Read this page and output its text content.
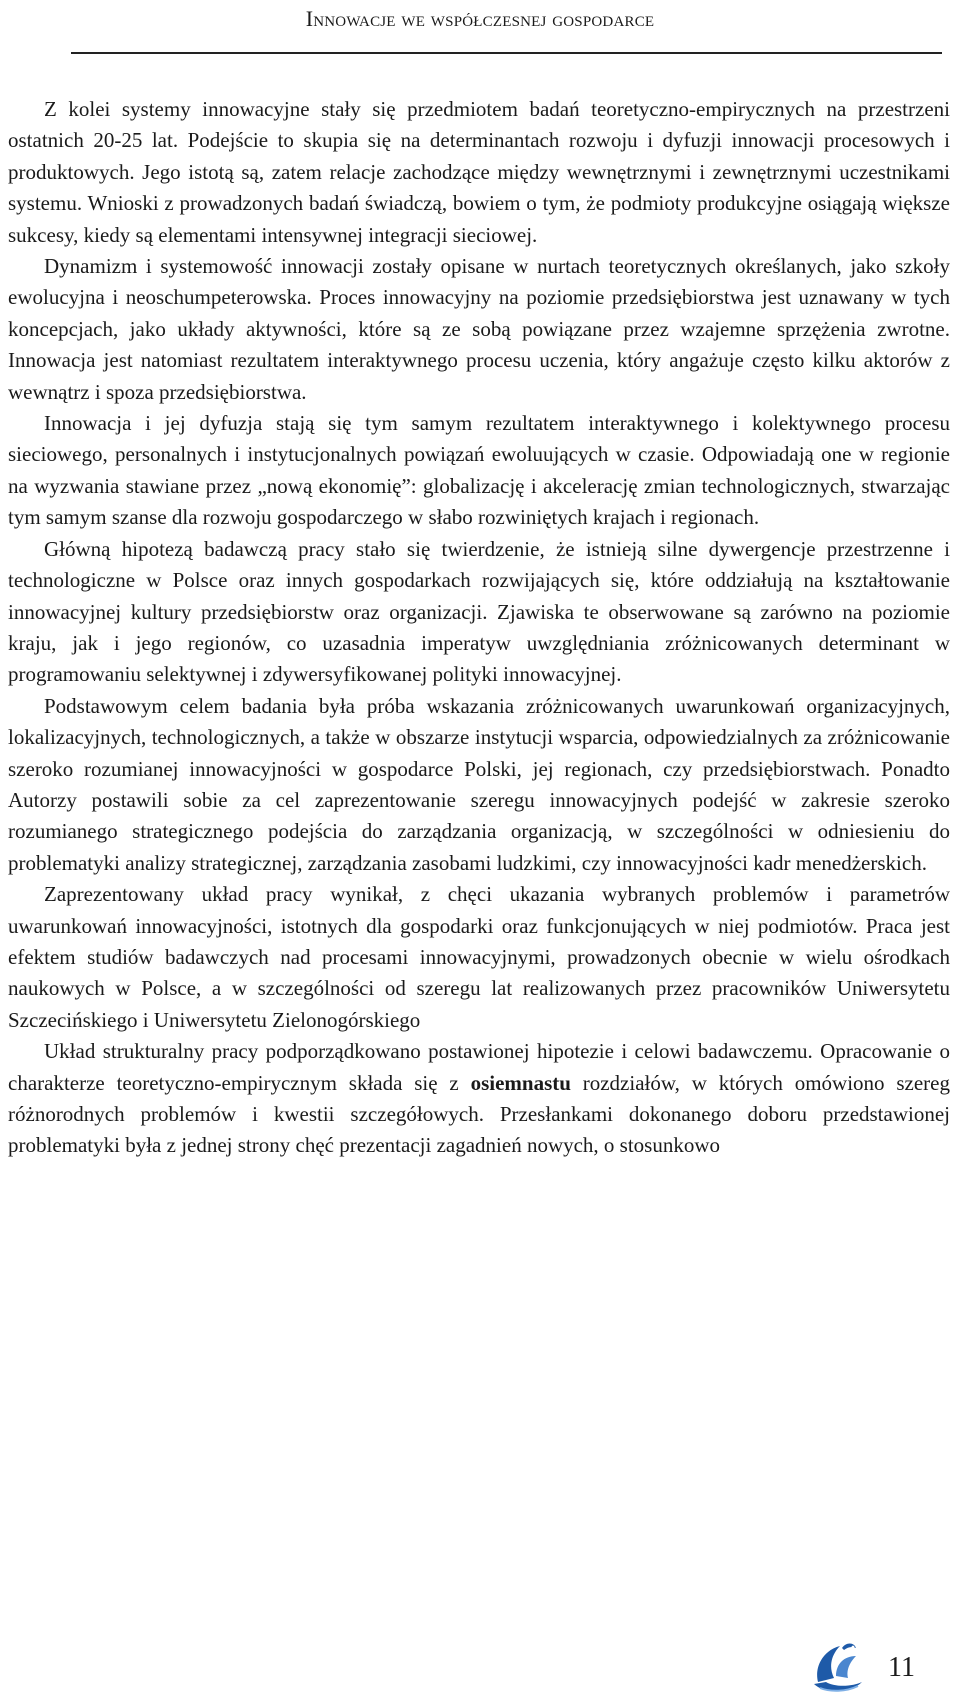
Innowacje we współczesnej gospodarce

Z kolei systemy innowacyjne stały się przedmiotem badań teoretyczno-empirycznych na przestrzeni ostatnich 20-25 lat. Podejście to skupia się na determinantach rozwoju i dyfuzji innowacji procesowych i produktowych. Jego istotą są, zatem relacje zachodzące między wewnętrznymi i zewnętrznymi uczestnikami systemu. Wnioski z prowadzonych badań świadczą, bowiem o tym, że podmioty produkcyjne osiągają większe sukcesy, kiedy są elementami intensywnej integracji sieciowej.

Dynamizm i systemowość innowacji zostały opisane w nurtach teoretycznych określanych, jako szkoły ewolucyjna i neoschumpeterowska. Proces innowacyjny na poziomie przedsiębiorstwa jest uznawany w tych koncepcjach, jako układy aktywności, które są ze sobą powiązane przez wzajemne sprzężenia zwrotne. Innowacja jest natomiast rezultatem interaktywnego procesu uczenia, który angażuje często kilku aktorów z wewnątrz i spoza przedsiębiorstwa.

Innowacja i jej dyfuzja stają się tym samym rezultatem interaktywnego i kolektywnego procesu sieciowego, personalnych i instytucjonalnych powiązań ewoluujących w czasie. Odpowiadają one w regionie na wyzwania stawiane przez „nową ekonomię”: globalizację i akcelerację zmian technologicznych, stwarzając tym samym szanse dla rozwoju gospodarczego w słabo rozwiniętych krajach i regionach.

Główną hipotezą badawczą pracy stało się twierdzenie, że istnieją silne dywergencje przestrzenne i technologiczne w Polsce oraz innych gospodarkach rozwijających się, które oddziałują na kształtowanie innowacyjnej kultury przedsiębiorstw oraz organizacji. Zjawiska te obserwowane są zarówno na poziomie kraju, jak i jego regionów, co uzasadnia imperatyw uwzględniania zróżnicowanych determinant w programowaniu selektywnej i zdywersyfikowanej polityki innowacyjnej.

Podstawowym celem badania była próba wskazania zróżnicowanych uwarunkowań organizacyjnych, lokalizacyjnych, technologicznych, a także w obszarze instytucji wsparcia, odpowiedzialnych za zróżnicowanie szeroko rozumianej innowacyjności w gospodarce Polski, jej regionach, czy przedsiębiorstwach. Ponadto Autorzy postawili sobie za cel zaprezentowanie szeregu innowacyjnych podejść w zakresie szeroko rozumianego strategicznego podejścia do zarządzania organizacją, w szczególności w odniesieniu do problematyki analizy strategicznej, zarządzania zasobami ludzkimi, czy innowacyjności kadr menedżerskich.

Zaprezentowany układ pracy wynikał, z chęci ukazania wybranych problemów i parametrów uwarunkowań innowacyjności, istotnych dla gospodarki oraz funkcjonujących w niej podmiotów. Praca jest efektem studiów badawczych nad procesami innowacyjnymi, prowadzonych obecnie w wielu ośrodkach naukowych w Polsce, a w szczególności od szeregu lat realizowanych przez pracowników Uniwersytetu Szczecińskiego i Uniwersytetu Zielonogórskiego

Układ strukturalny pracy podporządkowano postawionej hipotezie i celowi badawczemu. Opracowanie o charakterze teoretyczno-empirycznym składa się z osiemnastu rozdziałów, w których omówiono szereg różnorodnych problemów i kwestii szczegółowych. Przesłankami dokonanego doboru przedstawionej problematyki była z jednej strony chęć prezentacji zagadnień nowych, o stosunkowo

11
